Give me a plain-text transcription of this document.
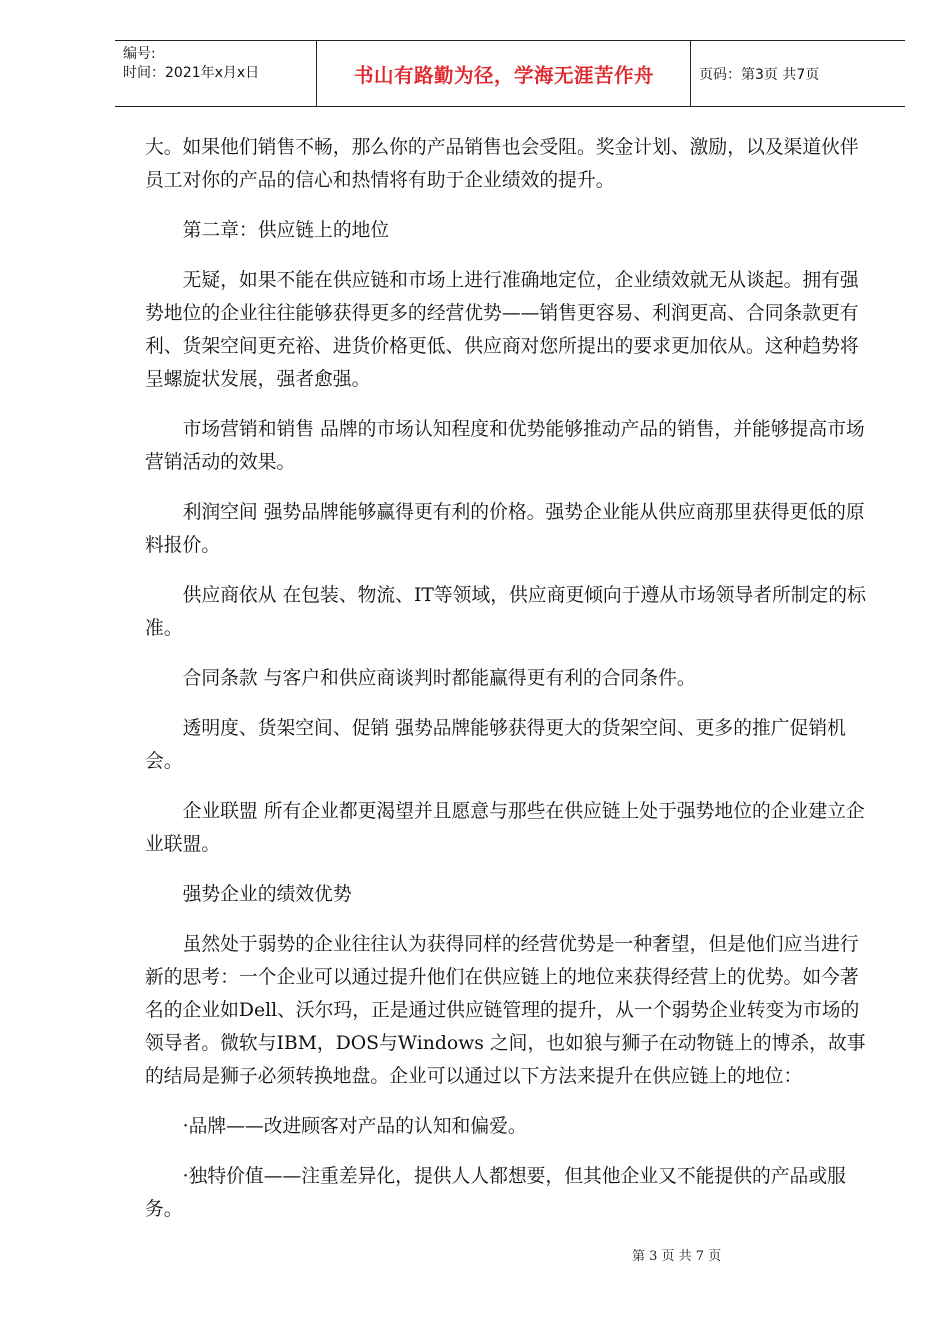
编号:
时间：2021年x月x日	书山有路勤为径，学海无涯苦作舟	页码：第3页 共7页

大。如果他们销售不畅，那么你的产品销售也会受阻。奖金计划、激励，以及渠道伙伴员工对你的产品的信心和热情将有助于企业绩效的提升。

第二章：供应链上的地位

无疑，如果不能在供应链和市场上进行准确地定位，企业绩效就无从谈起。拥有强势地位的企业往往能够获得更多的经营优势——销售更容易、利润更高、合同条款更有利、货架空间更充裕、进货价格更低、供应商对您所提出的要求更加依从。这种趋势将呈螺旋状发展，强者愈强。

市场营销和销售 品牌的市场认知程度和优势能够推动产品的销售，并能够提高市场营销活动的效果。

利润空间 强势品牌能够赢得更有利的价格。强势企业能从供应商那里获得更低的原料报价。

供应商依从 在包装、物流、IT等领域，供应商更倾向于遵从市场领导者所制定的标准。

合同条款 与客户和供应商谈判时都能赢得更有利的合同条件。

透明度、货架空间、促销 强势品牌能够获得更大的货架空间、更多的推广促销机会。

企业联盟 所有企业都更渴望并且愿意与那些在供应链上处于强势地位的企业建立企业联盟。

强势企业的绩效优势

虽然处于弱势的企业往往认为获得同样的经营优势是一种奢望，但是他们应当进行新的思考：一个企业可以通过提升他们在供应链上的地位来获得经营上的优势。如今著名的企业如Dell、沃尔玛，正是通过供应链管理的提升，从一个弱势企业转变为市场的领导者。微软与IBM，DOS与Windows 之间，也如狼与狮子在动物链上的博杀，故事的结局是狮子必须转换地盘。企业可以通过以下方法来提升在供应链上的地位：

·品牌——改进顾客对产品的认知和偏爱。

·独特价值——注重差异化，提供人人都想要，但其他企业又不能提供的产品或服务。

第 3 页 共 7 页
